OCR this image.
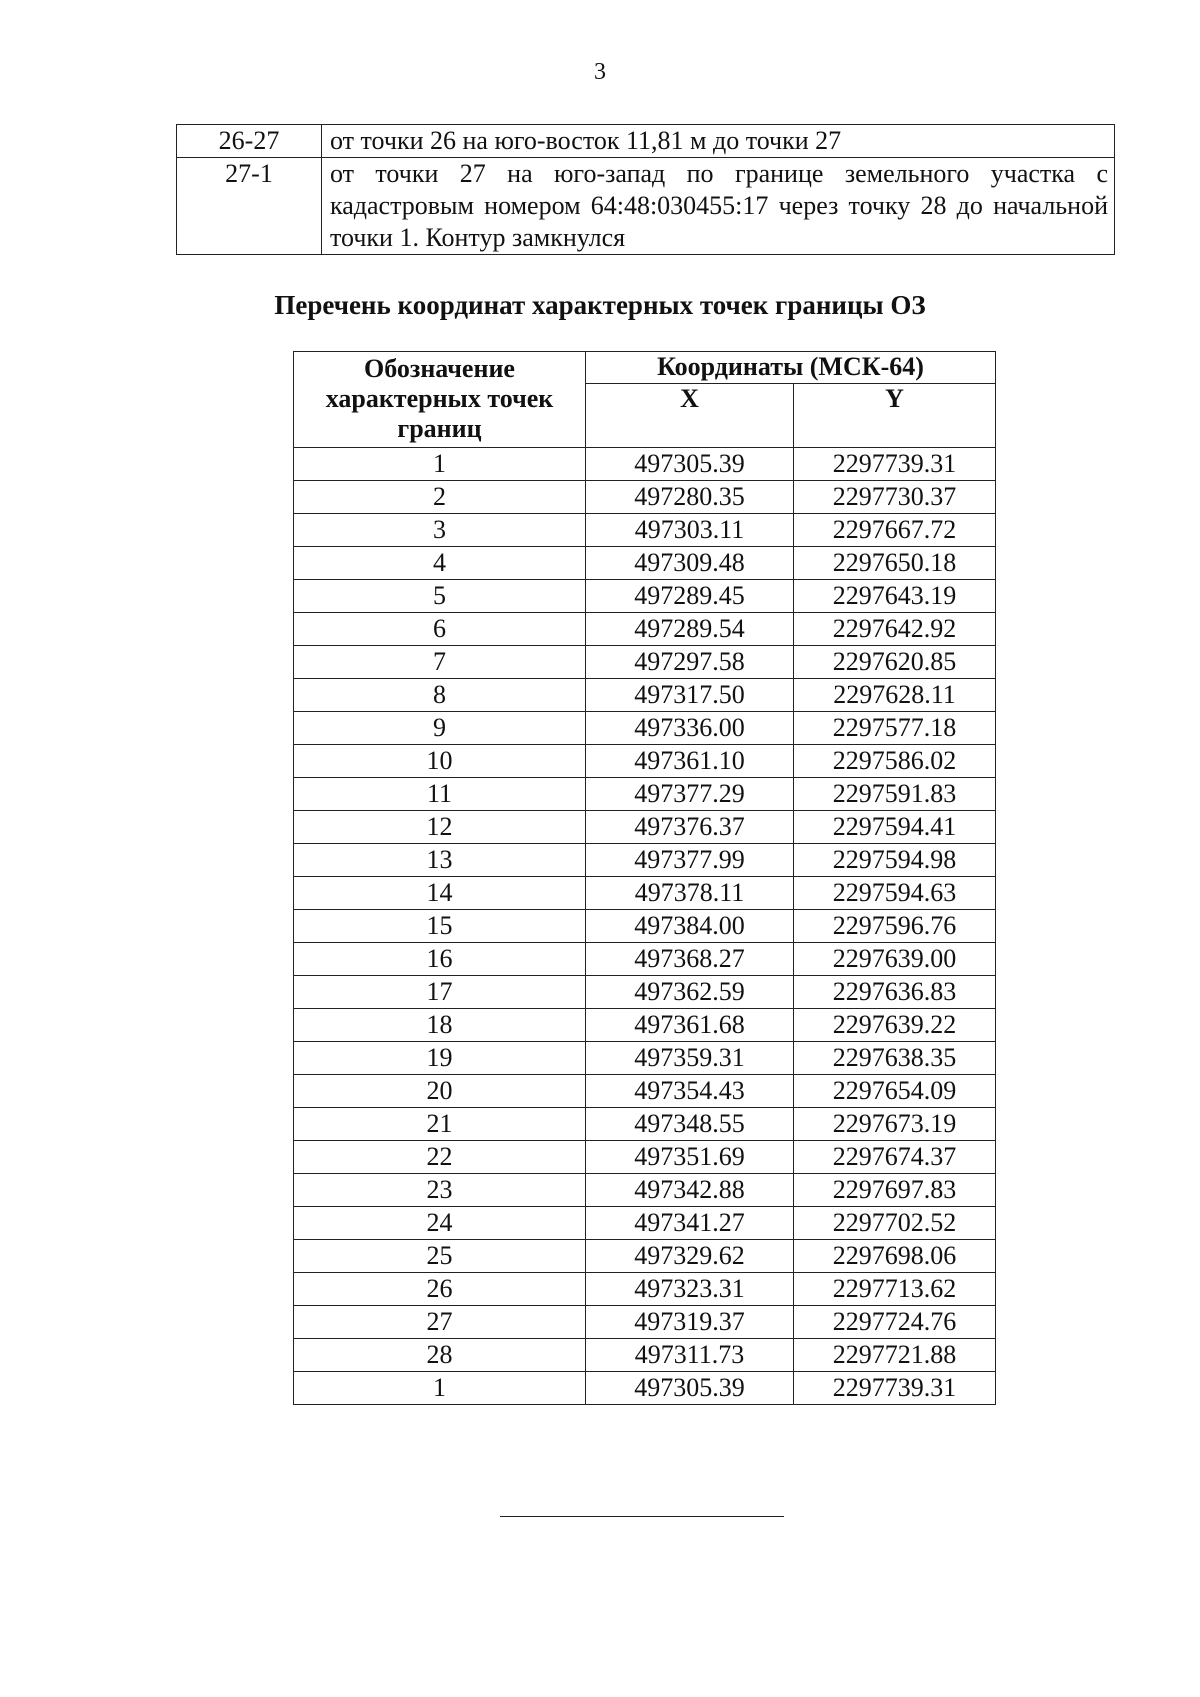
3
26-27	от точки 26 на юго-восток 11,81 м до точки 27
27-1	от точки 27 на юго-запад по границе земельного участка с кадастровым номером 64:48:030455:17 через точку 28 до начальной точки 1. Контур замкнулся
Перечень координат характерных точек границы ОЗ
Обозначение характерных точек границ	Координаты (МСК-64)	
	X	Y
1	497305.39	2297739.31
2	497280.35	2297730.37
3	497303.11	2297667.72
4	497309.48	2297650.18
5	497289.45	2297643.19
6	497289.54	2297642.92
7	497297.58	2297620.85
8	497317.50	2297628.11
9	497336.00	2297577.18
10	497361.10	2297586.02
11	497377.29	2297591.83
12	497376.37	2297594.41
13	497377.99	2297594.98
14	497378.11	2297594.63
15	497384.00	2297596.76
16	497368.27	2297639.00
17	497362.59	2297636.83
18	497361.68	2297639.22
19	497359.31	2297638.35
20	497354.43	2297654.09
21	497348.55	2297673.19
22	497351.69	2297674.37
23	497342.88	2297697.83
24	497341.27	2297702.52
25	497329.62	2297698.06
26	497323.31	2297713.62
27	497319.37	2297724.76
28	497311.73	2297721.88
1	497305.39	2297739.31
